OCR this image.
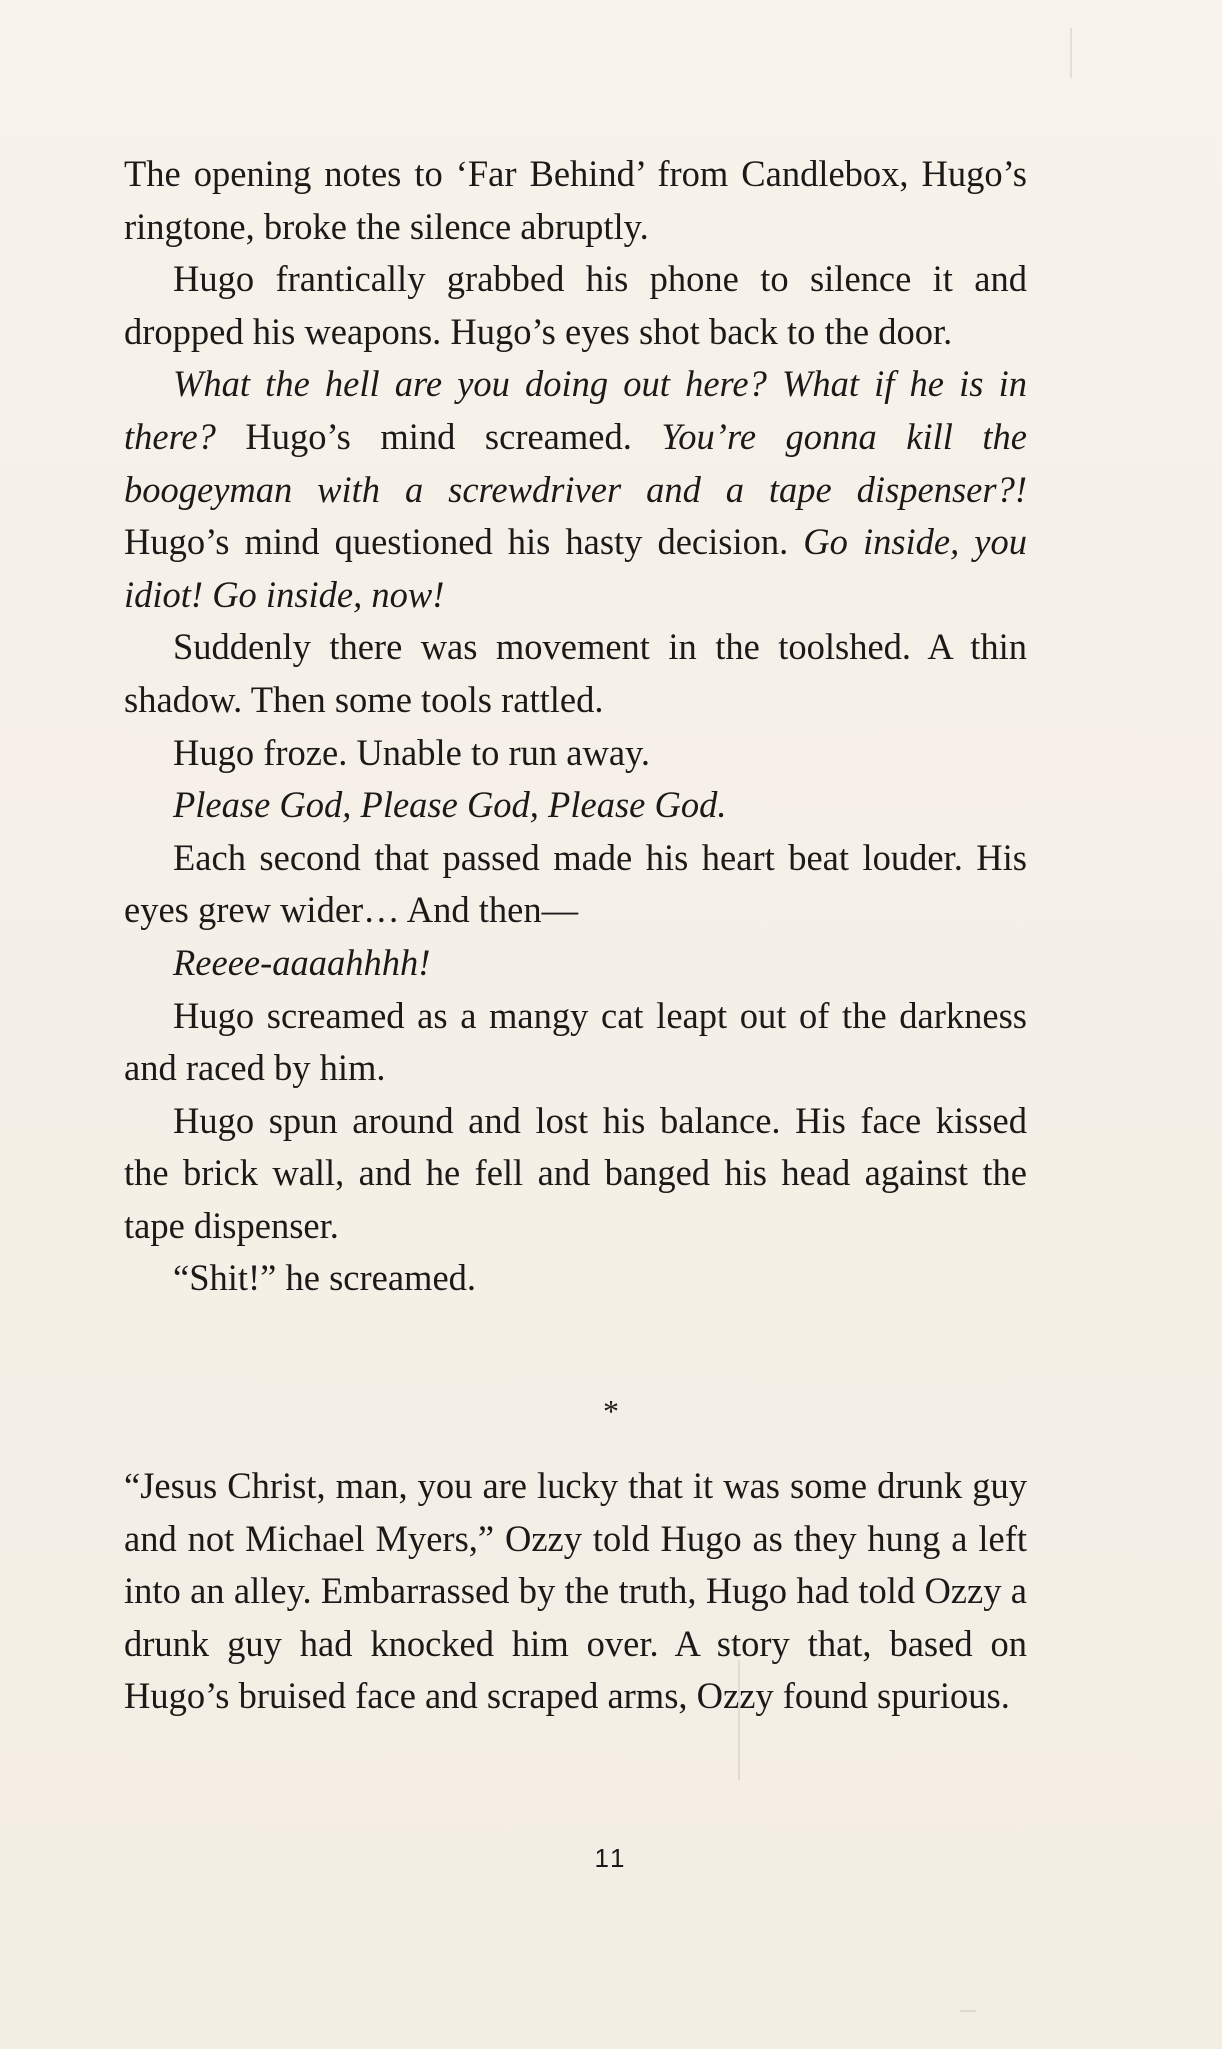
The opening notes to ‘Far Behind’ from Candlebox, Hugo’s ringtone, broke the silence abruptly.

Hugo frantically grabbed his phone to silence it and dropped his weapons. Hugo’s eyes shot back to the door.

What the hell are you doing out here? What if he is in there? Hugo’s mind screamed. You’re gonna kill the boogeyman with a screwdriver and a tape dispenser?! Hugo’s mind questioned his hasty decision. Go inside, you idiot! Go inside, now!

Suddenly there was movement in the toolshed. A thin shadow. Then some tools rattled.

Hugo froze. Unable to run away.

Please God, Please God, Please God.

Each second that passed made his heart beat louder. His eyes grew wider… And then—

Reeee-aaaahhhh!

Hugo screamed as a mangy cat leapt out of the darkness and raced by him.

Hugo spun around and lost his balance. His face kissed the brick wall, and he fell and banged his head against the tape dispenser.

“Shit!” he screamed.

*

“Jesus Christ, man, you are lucky that it was some drunk guy and not Michael Myers,” Ozzy told Hugo as they hung a left into an alley. Embarrassed by the truth, Hugo had told Ozzy a drunk guy had knocked him over. A story that, based on Hugo’s bruised face and scraped arms, Ozzy found spurious.

11
